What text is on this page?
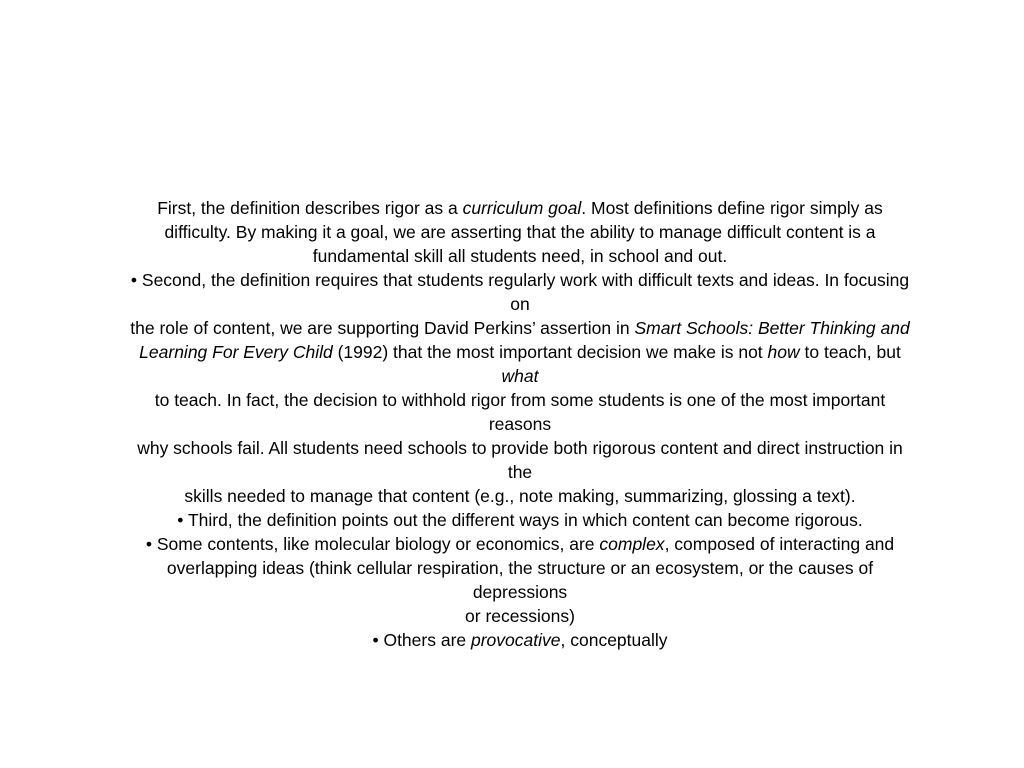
First, the definition describes rigor as a curriculum goal. Most definitions define rigor simply as
difficulty. By making it a goal, we are asserting that the ability to manage difficult content is a
fundamental skill all students need, in school and out.
• Second, the definition requires that students regularly work with difficult texts and ideas. In focusing
on
the role of content, we are supporting David Perkins’ assertion in Smart Schools: Better Thinking and
Learning For Every Child (1992) that the most important decision we make is not how to teach, but
what
to teach. In fact, the decision to withhold rigor from some students is one of the most important
reasons
why schools fail. All students need schools to provide both rigorous content and direct instruction in
the
skills needed to manage that content (e.g., note making, summarizing, glossing a text).
• Third, the definition points out the different ways in which content can become rigorous.
• Some contents, like molecular biology or economics, are complex, composed of interacting and
overlapping ideas (think cellular respiration, the structure or an ecosystem, or the causes of
depressions
or recessions)
• Others are provocative, conceptually
